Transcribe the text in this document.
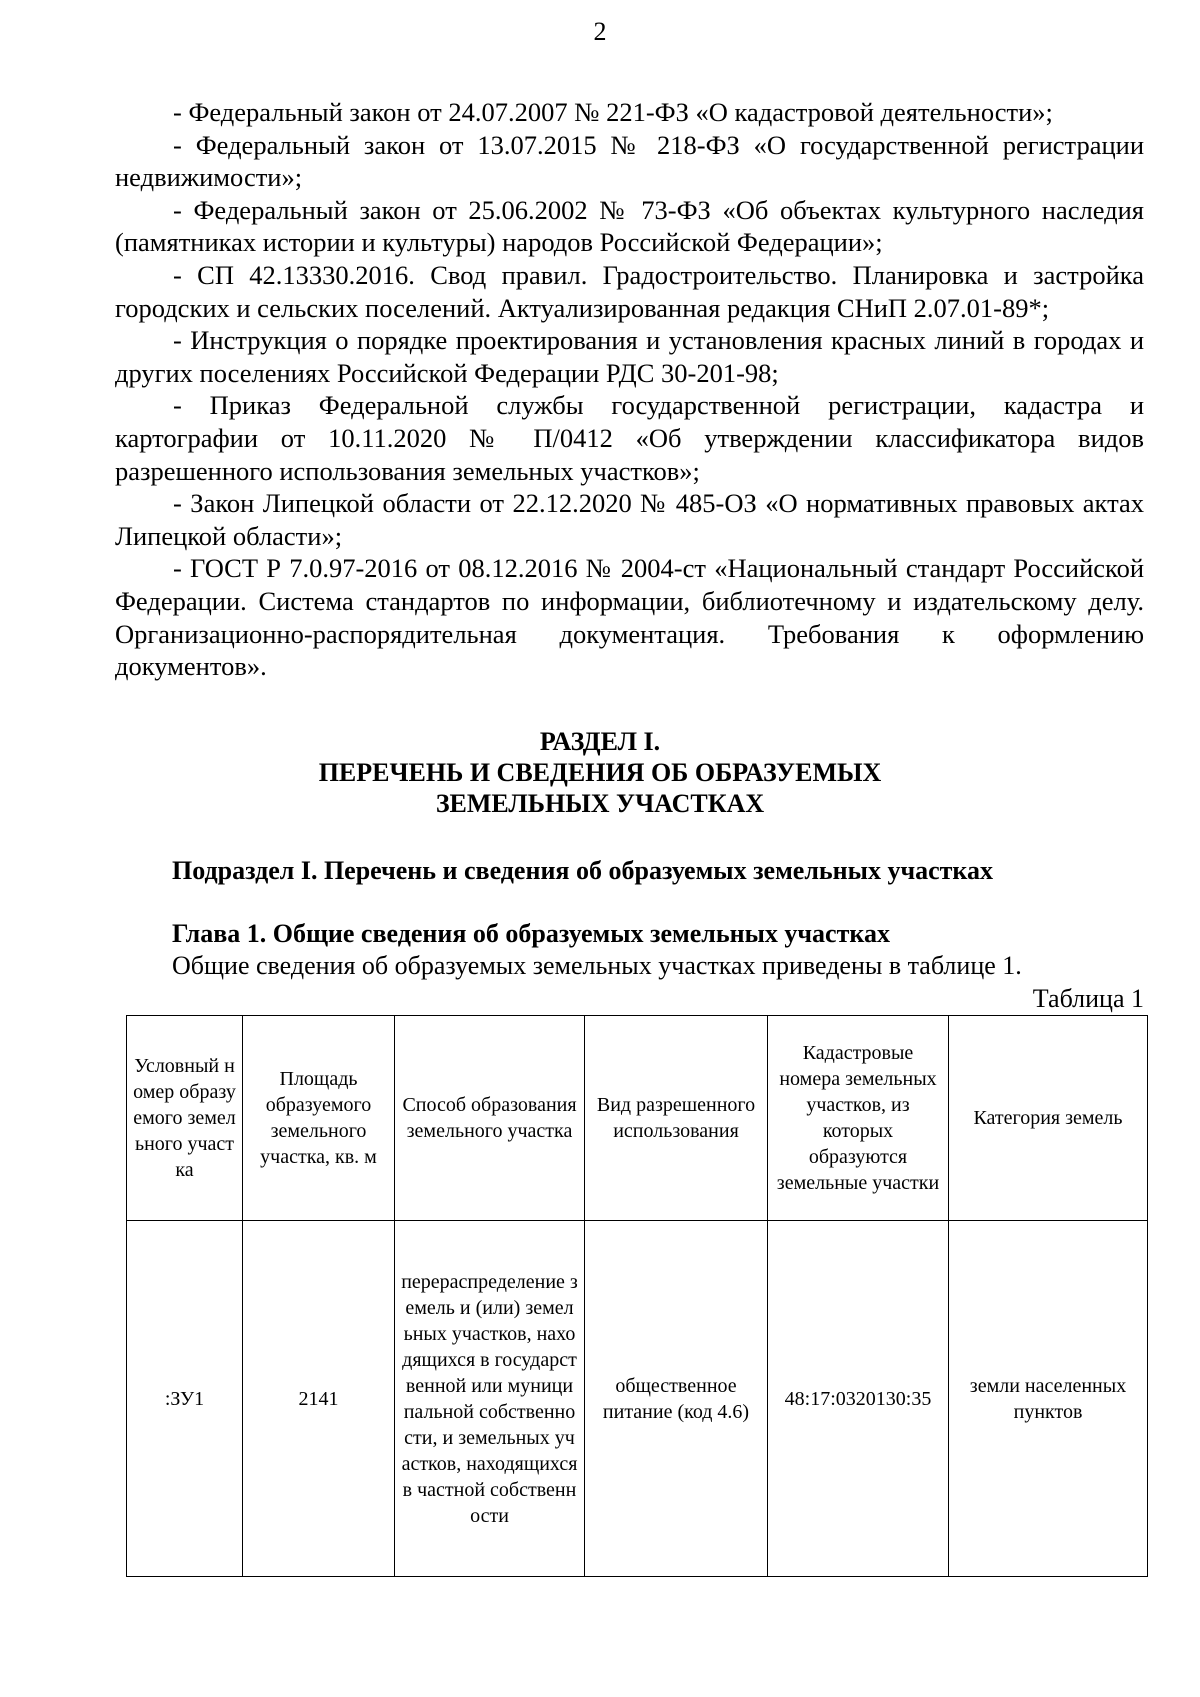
2

- Федеральный закон от 24.07.2007 № 221-ФЗ «О кадастровой деятельности»;

- Федеральный закон от 13.07.2015 № 218-ФЗ «О государственной регистрации недвижимости»;

- Федеральный закон от 25.06.2002 № 73-ФЗ «Об объектах культурного наследия (памятниках истории и культуры) народов Российской Федерации»;

- СП 42.13330.2016. Свод правил. Градостроительство. Планировка и застройка городских и сельских поселений. Актуализированная редакция СНиП 2.07.01-89*;

- Инструкция о порядке проектирования и установления красных линий в городах и других поселениях Российской Федерации РДС 30-201-98;

- Приказ Федеральной службы государственной регистрации, кадастра и картографии от 10.11.2020 № П/0412 «Об утверждении классификатора видов разрешенного использования земельных участков»;

- Закон Липецкой области от 22.12.2020 № 485-ОЗ «О нормативных правовых актах Липецкой области»;

- ГОСТ Р 7.0.97-2016 от 08.12.2016 № 2004-ст «Национальный стандарт Российской Федерации. Система стандартов по информации, библиотечному и издательскому делу. Организационно-распорядительная документация. Требования к оформлению документов».

РАЗДЕЛ I.
ПЕРЕЧЕНЬ И СВЕДЕНИЯ ОБ ОБРАЗУЕМЫХ
ЗЕМЕЛЬНЫХ УЧАСТКАХ
Подраздел I. Перечень и сведения об образуемых земельных участках
Глава 1. Общие сведения об образуемых земельных участках
Общие сведения об образуемых земельных участках приведены в таблице 1.
Таблица 1
Условный номер образуемого земельного участка	Площадь образуемого земельного участка, кв. м	Способ образования земельного участка	Вид разрешенного использования	Кадастровые номера земельных участков, из которых образуются земельные участки	Категория земель
:ЗУ1	2141	перераспределение земель и (или) земельных участков, находящихся в государственной или муниципальной собственности, и земельных участков, находящихся в частной собственности	общественное питание (код 4.6)	48:17:0320130:35	земли населенных пунктов
